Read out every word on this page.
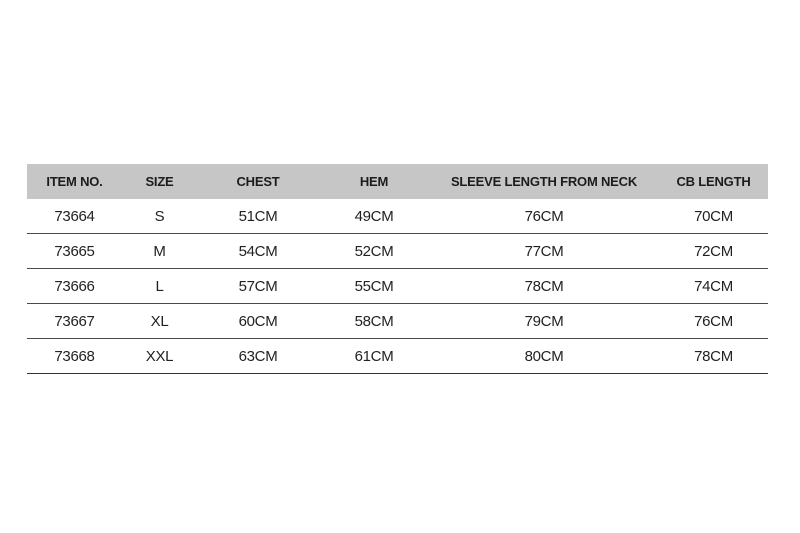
ITEM NO.	SIZE	CHEST	HEM	SLEEVE LENGTH FROM NECK	CB LENGTH
73664	S	51CM	49CM	76CM	70CM
73665	M	54CM	52CM	77CM	72CM
73666	L	57CM	55CM	78CM	74CM
73667	XL	60CM	58CM	79CM	76CM
73668	XXL	63CM	61CM	80CM	78CM
